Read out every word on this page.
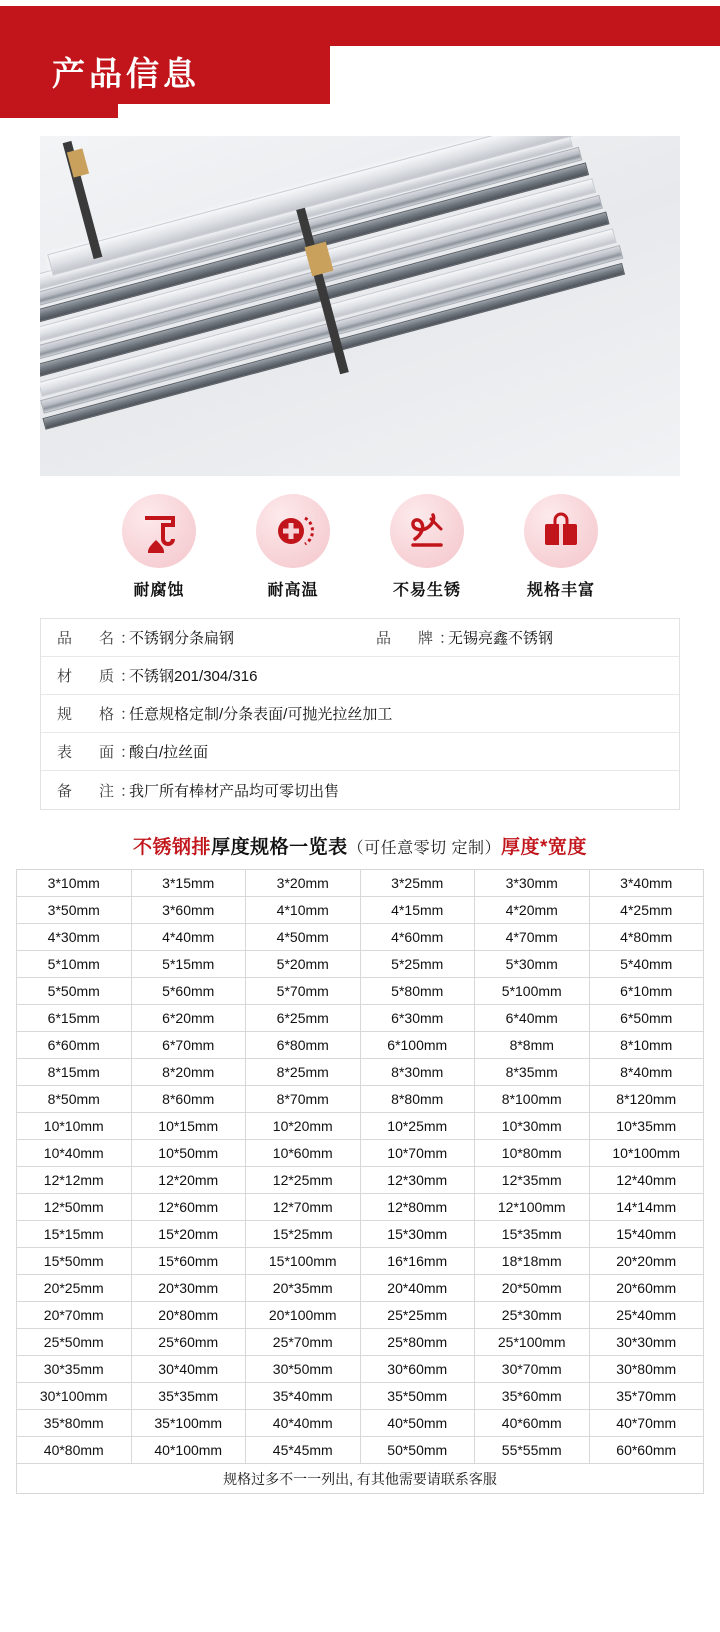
产品信息
耐腐蚀	耐高温	不易生锈	规格丰富
品　名：
不锈钢分条扁钢	品　牌：
无锡亮鑫不锈钢
材　质：
不锈钢201/304/316
规　格：
任意规格定制/分条表面/可抛光拉丝加工
表　面：
酸白/拉丝面
备　注：
我厂所有棒材产品均可零切出售
不锈钢排厚度规格一览表（可任意零切 定制）厚度*宽度
3*10mm	3*15mm	3*20mm	3*25mm	3*30mm	3*40mm
3*50mm	3*60mm	4*10mm	4*15mm	4*20mm	4*25mm
4*30mm	4*40mm	4*50mm	4*60mm	4*70mm	4*80mm
5*10mm	5*15mm	5*20mm	5*25mm	5*30mm	5*40mm
5*50mm	5*60mm	5*70mm	5*80mm	5*100mm	6*10mm
6*15mm	6*20mm	6*25mm	6*30mm	6*40mm	6*50mm
6*60mm	6*70mm	6*80mm	6*100mm	8*8mm	8*10mm
8*15mm	8*20mm	8*25mm	8*30mm	8*35mm	8*40mm
8*50mm	8*60mm	8*70mm	8*80mm	8*100mm	8*120mm
10*10mm	10*15mm	10*20mm	10*25mm	10*30mm	10*35mm
10*40mm	10*50mm	10*60mm	10*70mm	10*80mm	10*100mm
12*12mm	12*20mm	12*25mm	12*30mm	12*35mm	12*40mm
12*50mm	12*60mm	12*70mm	12*80mm	12*100mm	14*14mm
15*15mm	15*20mm	15*25mm	15*30mm	15*35mm	15*40mm
15*50mm	15*60mm	15*100mm	16*16mm	18*18mm	20*20mm
20*25mm	20*30mm	20*35mm	20*40mm	20*50mm	20*60mm
20*70mm	20*80mm	20*100mm	25*25mm	25*30mm	25*40mm
25*50mm	25*60mm	25*70mm	25*80mm	25*100mm	30*30mm
30*35mm	30*40mm	30*50mm	30*60mm	30*70mm	30*80mm
30*100mm	35*35mm	35*40mm	35*50mm	35*60mm	35*70mm
35*80mm	35*100mm	40*40mm	40*50mm	40*60mm	40*70mm
40*80mm	40*100mm	45*45mm	50*50mm	55*55mm	60*60mm
规格过多不一一列出, 有其他需要请联系客服
